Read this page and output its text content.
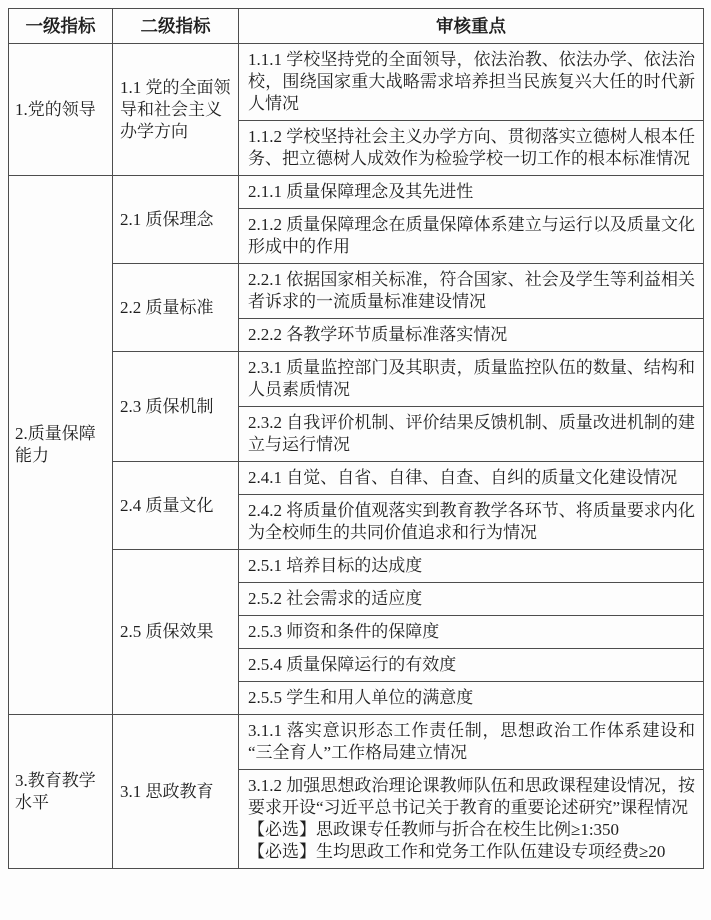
一级指标	二级指标	审核重点
1.党的领导	1.1 党的全面领导和社会主义办学方向	1.1.1 学校坚持党的全面领导，依法治教、依法办学、依法治校，围绕国家重大战略需求培养担当民族复兴大任的时代新人情况
		1.1.2 学校坚持社会主义办学方向、贯彻落实立德树人根本任务、把立德树人成效作为检验学校一切工作的根本标准情况
2.质量保障能力	2.1 质保理念	2.1.1 质量保障理念及其先进性
		2.1.2 质量保障理念在质量保障体系建立与运行以及质量文化形成中的作用
	2.2 质量标准	2.2.1 依据国家相关标准，符合国家、社会及学生等利益相关者诉求的一流质量标准建设情况
		2.2.2 各教学环节质量标准落实情况
	2.3 质保机制	2.3.1 质量监控部门及其职责，质量监控队伍的数量、结构和人员素质情况
		2.3.2 自我评价机制、评价结果反馈机制、质量改进机制的建立与运行情况
	2.4 质量文化	2.4.1 自觉、自省、自律、自查、自纠的质量文化建设情况
		2.4.2 将质量价值观落实到教育教学各环节、将质量要求内化为全校师生的共同价值追求和行为情况
	2.5 质保效果	2.5.1 培养目标的达成度
		2.5.2 社会需求的适应度
		2.5.3 师资和条件的保障度
		2.5.4 质量保障运行的有效度
		2.5.5 学生和用人单位的满意度
3.教育教学水平	3.1 思政教育	3.1.1 落实意识形态工作责任制，思想政治工作体系建设和“三全育人”工作格局建立情况

		3.1.2 加强思想政治理论课教师队伍和思政课程建设情况，按要求开设“习近平总书记关于教育的重要论述研究”课程情况
【必选】思政课专任教师与折合在校生比例≥1:350
【必选】生均思政工作和党务工作队伍建设专项经费≥20
